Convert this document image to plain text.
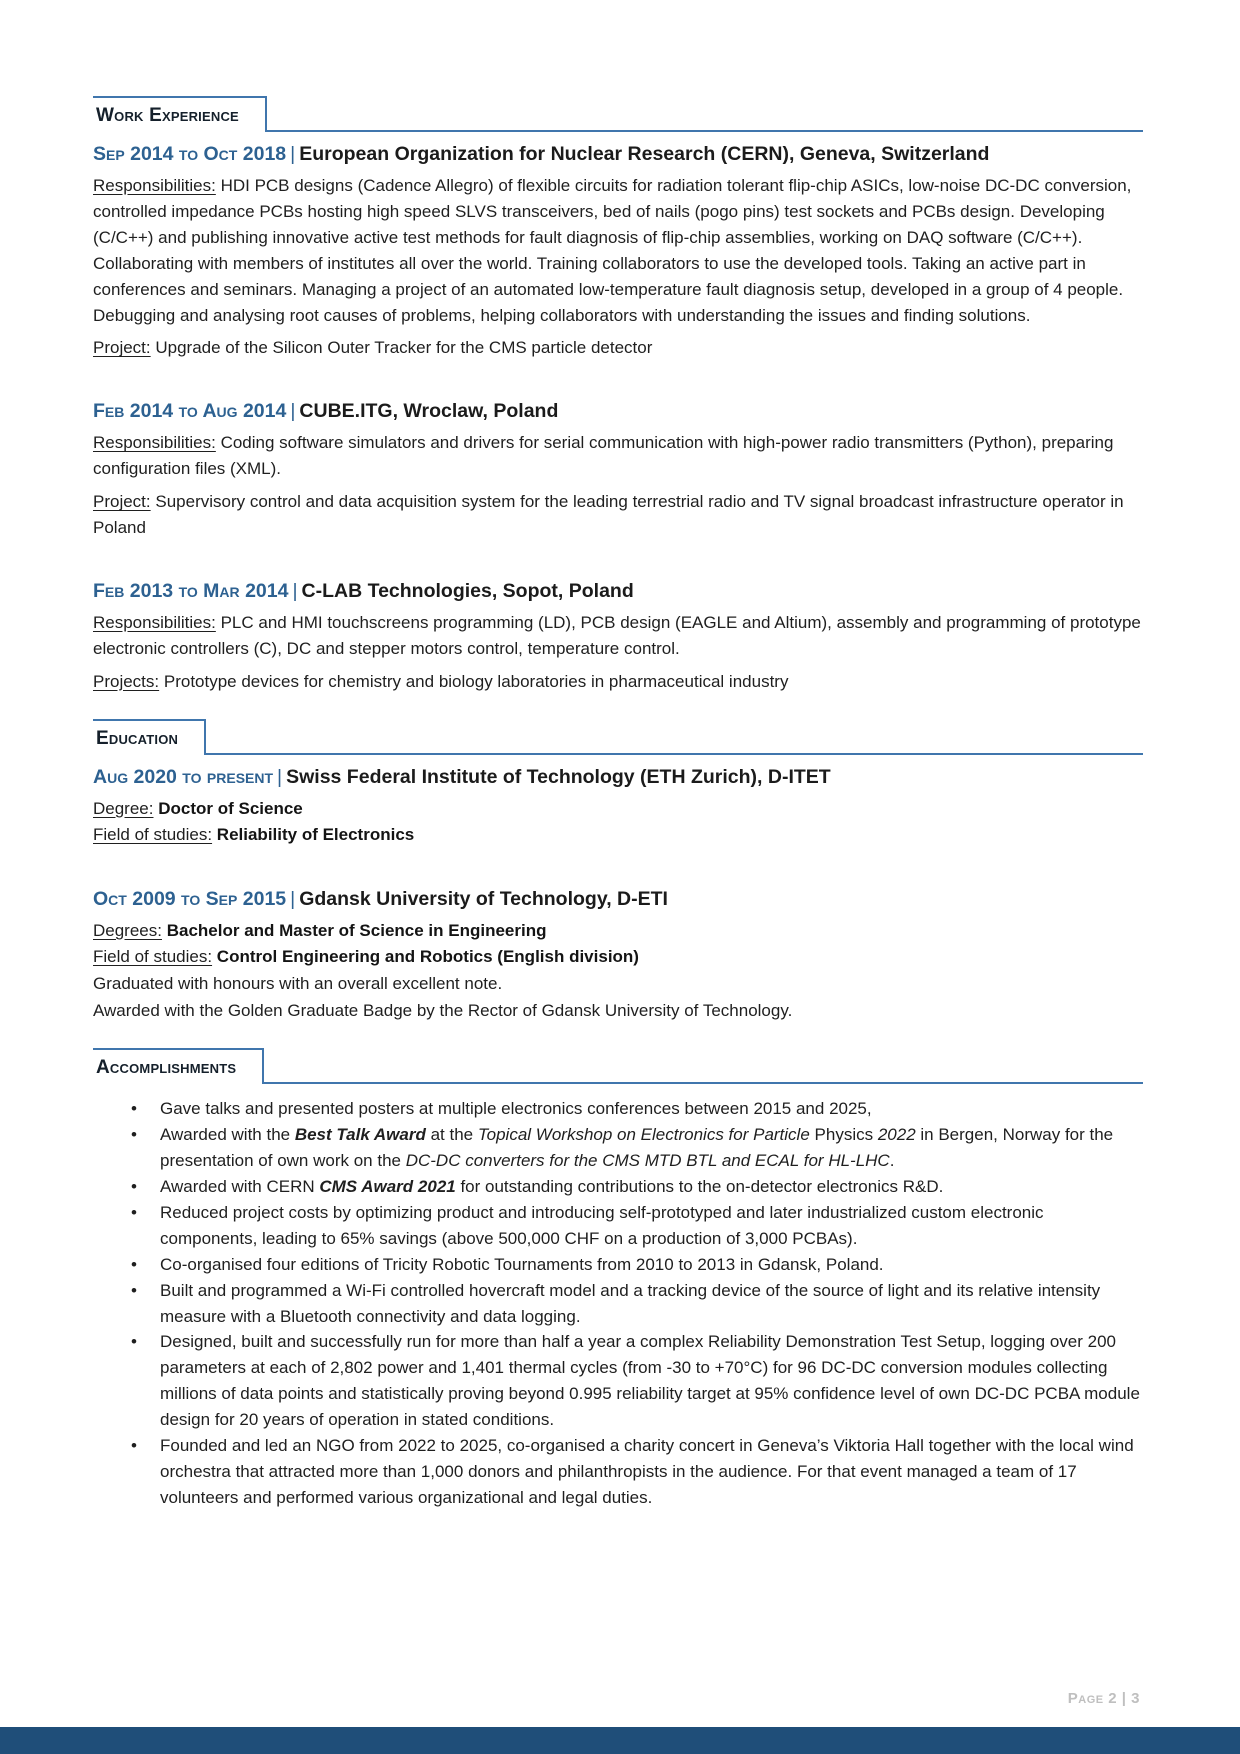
Work Experience
Sep 2014 to Oct 2018 | European Organization for Nuclear Research (CERN), Geneva, Switzerland

Responsibilities: HDI PCB designs (Cadence Allegro) of flexible circuits for radiation tolerant flip-chip ASICs, low-noise DC-DC conversion, controlled impedance PCBs hosting high speed SLVS transceivers, bed of nails (pogo pins) test sockets and PCBs design. Developing (C/C++) and publishing innovative active test methods for fault diagnosis of flip-chip assemblies, working on DAQ software (C/C++). Collaborating with members of institutes all over the world. Training collaborators to use the developed tools. Taking an active part in conferences and seminars. Managing a project of an automated low-temperature fault diagnosis setup, developed in a group of 4 people. Debugging and analysing root causes of problems, helping collaborators with understanding the issues and finding solutions.

Project: Upgrade of the Silicon Outer Tracker for the CMS particle detector

Feb 2014 to Aug 2014 | CUBE.ITG, Wroclaw, Poland

Responsibilities: Coding software simulators and drivers for serial communication with high-power radio transmitters (Python), preparing configuration files (XML).

Project: Supervisory control and data acquisition system for the leading terrestrial radio and TV signal broadcast infrastructure operator in Poland

Feb 2013 to Mar 2014 | C-LAB Technologies, Sopot, Poland

Responsibilities: PLC and HMI touchscreens programming (LD), PCB design (EAGLE and Altium), assembly and programming of prototype electronic controllers (C), DC and stepper motors control, temperature control.

Projects: Prototype devices for chemistry and biology laboratories in pharmaceutical industry

Education
Aug 2020 to present | Swiss Federal Institute of Technology (ETH Zurich), D-ITET

Degree: Doctor of Science

Field of studies: Reliability of Electronics

Oct 2009 to Sep 2015 | Gdansk University of Technology, D-ETI

Degrees: Bachelor and Master of Science in Engineering

Field of studies: Control Engineering and Robotics (English division)

Graduated with honours with an overall excellent note.

Awarded with the Golden Graduate Badge by the Rector of Gdansk University of Technology.

Accomplishments
• Gave talks and presented posters at multiple electronics conferences between 2015 and 2025,
• Awarded with the Best Talk Award at the Topical Workshop on Electronics for Particle Physics 2022 in Bergen, Norway for the presentation of own work on the DC-DC converters for the CMS MTD BTL and ECAL for HL-LHC.
• Awarded with CERN CMS Award 2021 for outstanding contributions to the on-detector electronics R&D.
• Reduced project costs by optimizing product and introducing self-prototyped and later industrialized custom electronic components, leading to 65% savings (above 500,000 CHF on a production of 3,000 PCBAs).
• Co-organised four editions of Tricity Robotic Tournaments from 2010 to 2013 in Gdansk, Poland.
• Built and programmed a Wi-Fi controlled hovercraft model and a tracking device of the source of light and its relative intensity measure with a Bluetooth connectivity and data logging.
• Designed, built and successfully run for more than half a year a complex Reliability Demonstration Test Setup, logging over 200 parameters at each of 2,802 power and 1,401 thermal cycles (from -30 to +70°C) for 96 DC-DC conversion modules collecting millions of data points and statistically proving beyond 0.995 reliability target at 95% confidence level of own DC-DC PCBA module design for 20 years of operation in stated conditions.
• Founded and led an NGO from 2022 to 2025, co-organised a charity concert in Geneva’s Viktoria Hall together with the local wind orchestra that attracted more than 1,000 donors and philanthropists in the audience. For that event managed a team of 17 volunteers and performed various organizational and legal duties.
Page 2 | 3
